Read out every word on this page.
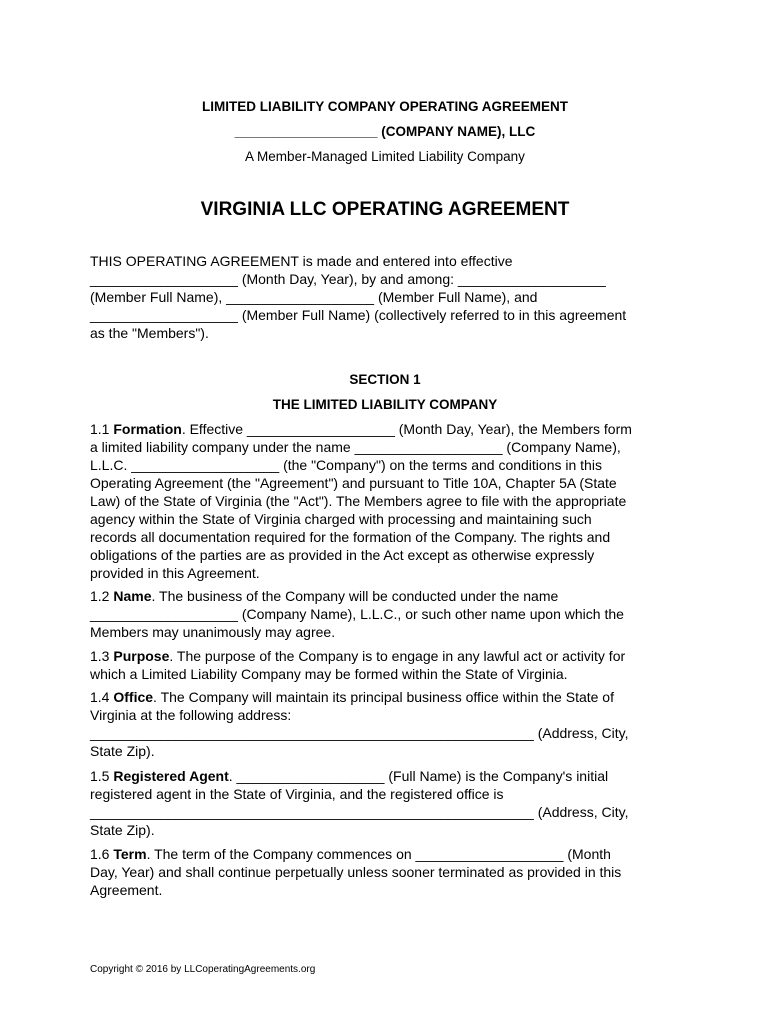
LIMITED LIABILITY COMPANY OPERATING AGREEMENT
___________________ (COMPANY NAME), LLC
A Member-Managed Limited Liability Company
VIRGINIA LLC OPERATING AGREEMENT
THIS OPERATING AGREEMENT is made and entered into effective
___________________ (Month Day, Year), by and among: ___________________
(Member Full Name), ___________________ (Member Full Name), and
___________________ (Member Full Name) (collectively referred to in this agreement
as the "Members").
SECTION 1
THE LIMITED LIABILITY COMPANY
1.1 Formation. Effective ___________________ (Month Day, Year), the Members form
a limited liability company under the name ___________________ (Company Name),
L.L.C. ___________________ (the "Company") on the terms and conditions in this
Operating Agreement (the "Agreement") and pursuant to Title 10A, Chapter 5A (State
Law) of the State of Virginia (the "Act"). The Members agree to file with the appropriate
agency within the State of Virginia charged with processing and maintaining such
records all documentation required for the formation of the Company. The rights and
obligations of the parties are as provided in the Act except as otherwise expressly
provided in this Agreement.
1.2 Name. The business of the Company will be conducted under the name
___________________ (Company Name), L.L.C., or such other name upon which the
Members may unanimously may agree.
1.3 Purpose. The purpose of the Company is to engage in any lawful act or activity for
which a Limited Liability Company may be formed within the State of Virginia.
1.4 Office. The Company will maintain its principal business office within the State of
Virginia at the following address:
_________________________________________________________ (Address, City,
State Zip).
1.5 Registered Agent. ___________________ (Full Name) is the Company's initial
registered agent in the State of Virginia, and the registered office is
_________________________________________________________ (Address, City,
State Zip).
1.6 Term. The term of the Company commences on ___________________ (Month
Day, Year) and shall continue perpetually unless sooner terminated as provided in this
Agreement.
Copyright © 2016 by LLCoperatingAgreements.org
